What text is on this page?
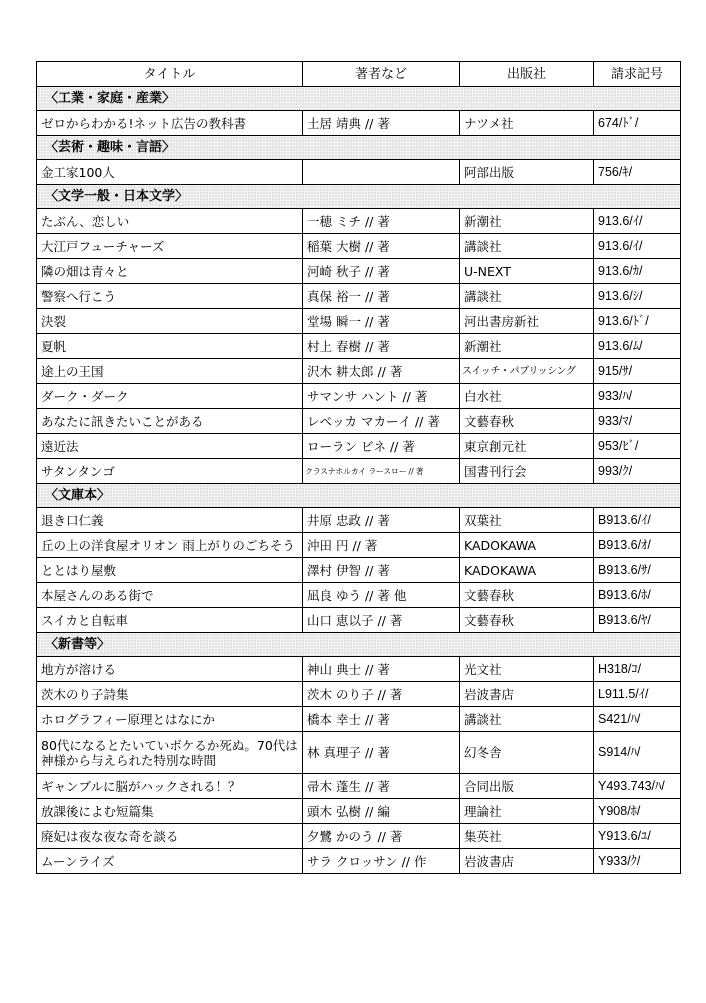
タイトル	著者など	出版社	請求記号
〈工業・家庭・産業〉			
ゼロからわかる!ネット広告の教科書	土居 靖典 // 著	ナツメ社	674/ﾄﾞ/
〈芸術・趣味・言語〉			
金工家100人		阿部出版	756/ｷ/
〈文学一般・日本文学〉			
たぶん、恋しい	一穂 ミチ // 著	新潮社	913.6/ｲ/
大江戸フューチャーズ	稲葉 大樹 // 著	講談社	913.6/ｲ/
隣の畑は青々と	河崎 秋子 // 著	U-NEXT	913.6/ｶ/
警察へ行こう	真保 裕一 // 著	講談社	913.6/ｼ/
決裂	堂場 瞬一 // 著	河出書房新社	913.6/ﾄﾞ/
夏帆	村上 春樹 // 著	新潮社	913.6/ﾑ/
途上の王国	沢木 耕太郎 // 著	スイッチ・パブリッシング	915/ｻ/
ダーク・ダーク	サマンサ ハント // 著	白水社	933/ﾊ/
あなたに訊きたいことがある	レベッカ マカーイ // 著	文藝春秋	933/ﾏ/
遠近法	ローラン ビネ // 著	東京創元社	953/ﾋﾞ/
サタンタンゴ	クラスナホルカイ ラースロー // 著	国書刊行会	993/ｸ/
〈文庫本〉			
退き口仁義	井原 忠政 // 著	双葉社	B913.6/ｲ/
丘の上の洋食屋オリオン 雨上がりのごちそう	沖田 円 // 著	KADOKAWA	B913.6/ｵ/
ととはり屋敷	澤村 伊智 // 著	KADOKAWA	B913.6/ｻ/
本屋さんのある街で	凪良 ゆう // 著 他	文藝春秋	B913.6/ﾎ/
スイカと自転車	山口 恵以子 // 著	文藝春秋	B913.6/ﾔ/
〈新書等〉			
地方が溶ける	神山 典士 // 著	光文社	H318/ｺ/
茨木のり子詩集	茨木 のり子 // 著	岩波書店	L911.5/ｲ/
ホログラフィー原理とはなにか	橋本 幸士 // 著	講談社	S421/ﾊ/
80代になるとたいていボケるか死ぬ。70代は神様から与えられた特別な時間	林 真理子 // 著	幻冬舎	S914/ﾊ/
ギャンブルに脳がハックされる！？	帚木 蓬生 // 著	合同出版	Y493.743/ﾊ/
放課後によむ短篇集	頭木 弘樹 // 編	理論社	Y908/ﾎ/
廃妃は夜な夜な奇を談る	夕鷺 かのう // 著	集英社	Y913.6/ﾕ/
ムーンライズ	サラ クロッサン // 作	岩波書店	Y933/ｸ/
